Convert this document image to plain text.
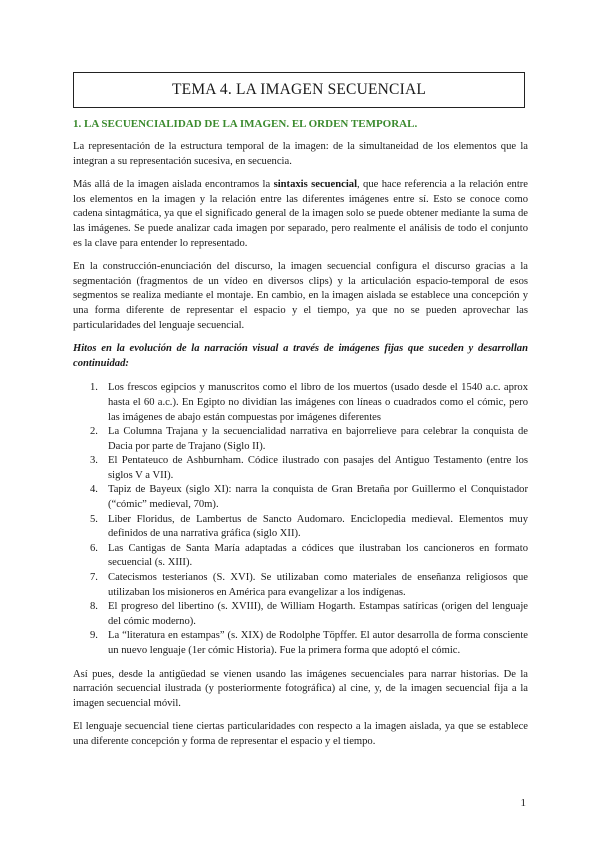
TEMA 4. LA IMAGEN SECUENCIAL
1. LA SECUENCIALIDAD DE LA IMAGEN. EL ORDEN TEMPORAL.

La representación de la estructura temporal de la imagen: de la simultaneidad de los elementos que la integran a su representación sucesiva, en secuencia.

Más allá de la imagen aislada encontramos la sintaxis secuencial, que hace referencia a la relación entre los elementos en la imagen y la relación entre las diferentes imágenes entre sí. Esto se conoce como cadena sintagmática, ya que el significado general de la imagen solo se puede obtener mediante la suma de las imágenes. Se puede analizar cada imagen por separado, pero realmente el análisis de todo el conjunto es la clave para entender lo representado.

En la construcción-enunciación del discurso, la imagen secuencial configura el discurso gracias a la segmentación (fragmentos de un vídeo en diversos clips) y la articulación espacio-temporal de esos segmentos se realiza mediante el montaje. En cambio, en la imagen aislada se establece una concepción y una forma diferente de representar el espacio y el tiempo, ya que no se pueden aprovechar las particularidades del lenguaje secuencial.

Hitos en la evolución de la narración visual a través de imágenes fijas que suceden y desarrollan continuidad:

1. Los frescos egipcios y manuscritos como el libro de los muertos (usado desde el 1540 a.c. aprox hasta el 60 a.c.). En Egipto no dividían las imágenes con líneas o cuadrados como el cómic, pero las imágenes de abajo están compuestas por imágenes diferentes
2. La Columna Trajana y la secuencialidad narrativa en bajorrelieve para celebrar la conquista de Dacia por parte de Trajano (Siglo II).
3. El Pentateuco de Ashburnham. Códice ilustrado con pasajes del Antiguo Testamento (entre los siglos V a VII).
4. Tapiz de Bayeux (siglo XI): narra la conquista de Gran Bretaña por Guillermo el Conquistador (“cómic” medieval, 70m).
5. Liber Floridus, de Lambertus de Sancto Audomaro. Enciclopedia medieval. Elementos muy definidos de una narrativa gráfica (siglo XII).
6. Las Cantigas de Santa María adaptadas a códices que ilustraban los cancioneros en formato secuencial (s. XIII).
7. Catecismos testerianos (S. XVI). Se utilizaban como materiales de enseñanza religiosos que utilizaban los misioneros en América para evangelizar a los indígenas.
8. El progreso del libertino (s. XVIII), de William Hogarth. Estampas satíricas (origen del lenguaje del cómic moderno).
9. La “literatura en estampas” (s. XIX) de Rodolphe Töpffer. El autor desarrolla de forma consciente un nuevo lenguaje (1er cómic Historia). Fue la primera forma que adoptó el cómic.

Así pues, desde la antigüedad se vienen usando las imágenes secuenciales para narrar historias. De la narración secuencial ilustrada (y posteriormente fotográfica) al cine, y, de la imagen secuencial fija a la imagen secuencial móvil.

El lenguaje secuencial tiene ciertas particularidades con respecto a la imagen aislada, ya que se establece una diferente concepción y forma de representar el espacio y el tiempo.

1
